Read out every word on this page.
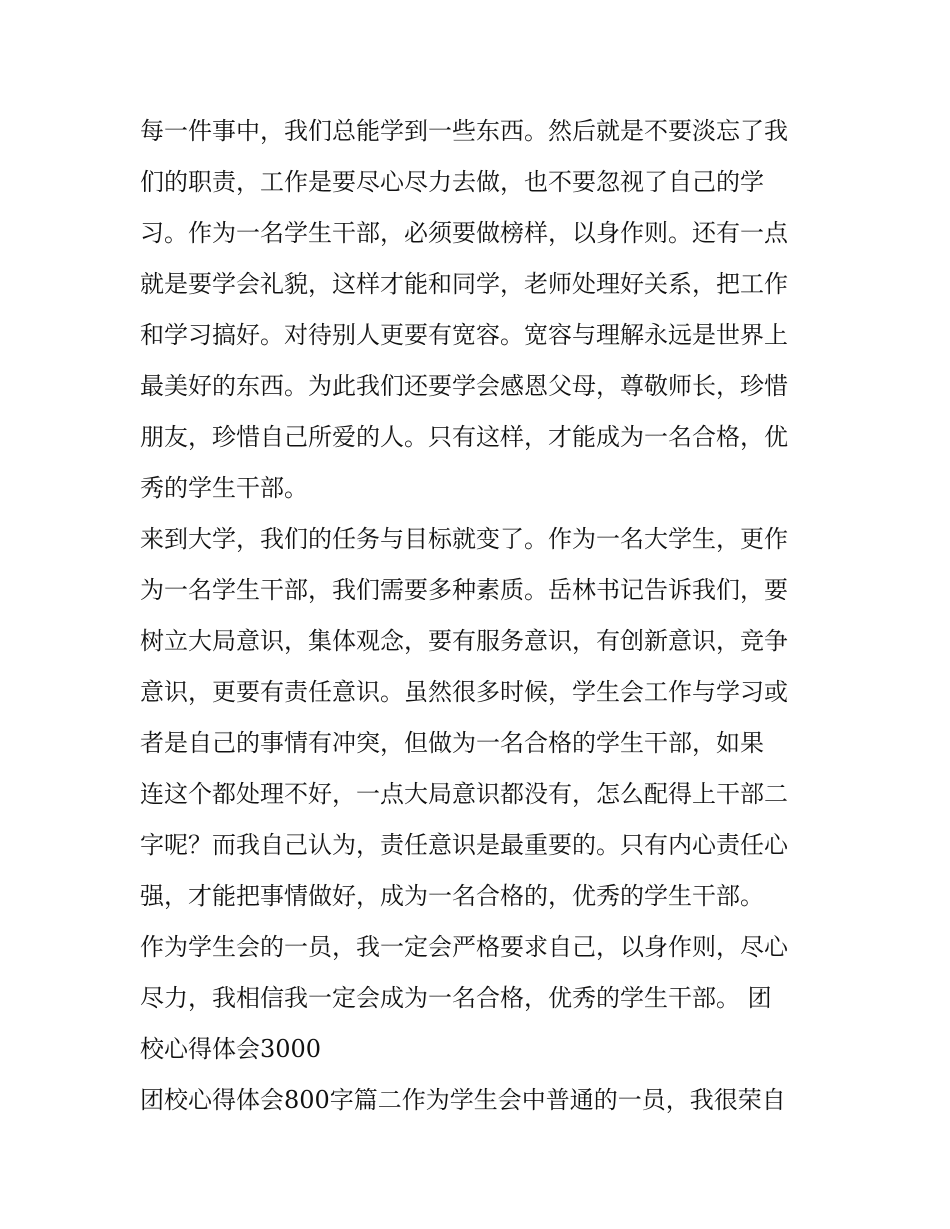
每一件事中，我们总能学到一些东西。然后就是不要淡忘了我
们的职责，工作是要尽心尽力去做，也不要忽视了自己的学
习。作为一名学生干部，必须要做榜样，以身作则。还有一点
就是要学会礼貌，这样才能和同学，老师处理好关系，把工作
和学习搞好。对待别人更要有宽容。宽容与理解永远是世界上
最美好的东西。为此我们还要学会感恩父母，尊敬师长，珍惜
朋友，珍惜自己所爱的人。只有这样，才能成为一名合格，优
秀的学生干部。
来到大学，我们的任务与目标就变了。作为一名大学生，更作
为一名学生干部，我们需要多种素质。岳林书记告诉我们，要
树立大局意识，集体观念，要有服务意识，有创新意识，竞争
意识，更要有责任意识。虽然很多时候，学生会工作与学习或
者是自己的事情有冲突，但做为一名合格的学生干部，如果
连这个都处理不好，一点大局意识都没有，怎么配得上干部二
字呢？而我自己认为，责任意识是最重要的。只有内心责任心
强，才能把事情做好，成为一名合格的，优秀的学生干部。
作为学生会的一员，我一定会严格要求自己，以身作则，尽心
尽力，我相信我一定会成为一名合格，优秀的学生干部。 团
校心得体会3000
团校心得体会800字篇二作为学生会中普通的一员，我很荣自
